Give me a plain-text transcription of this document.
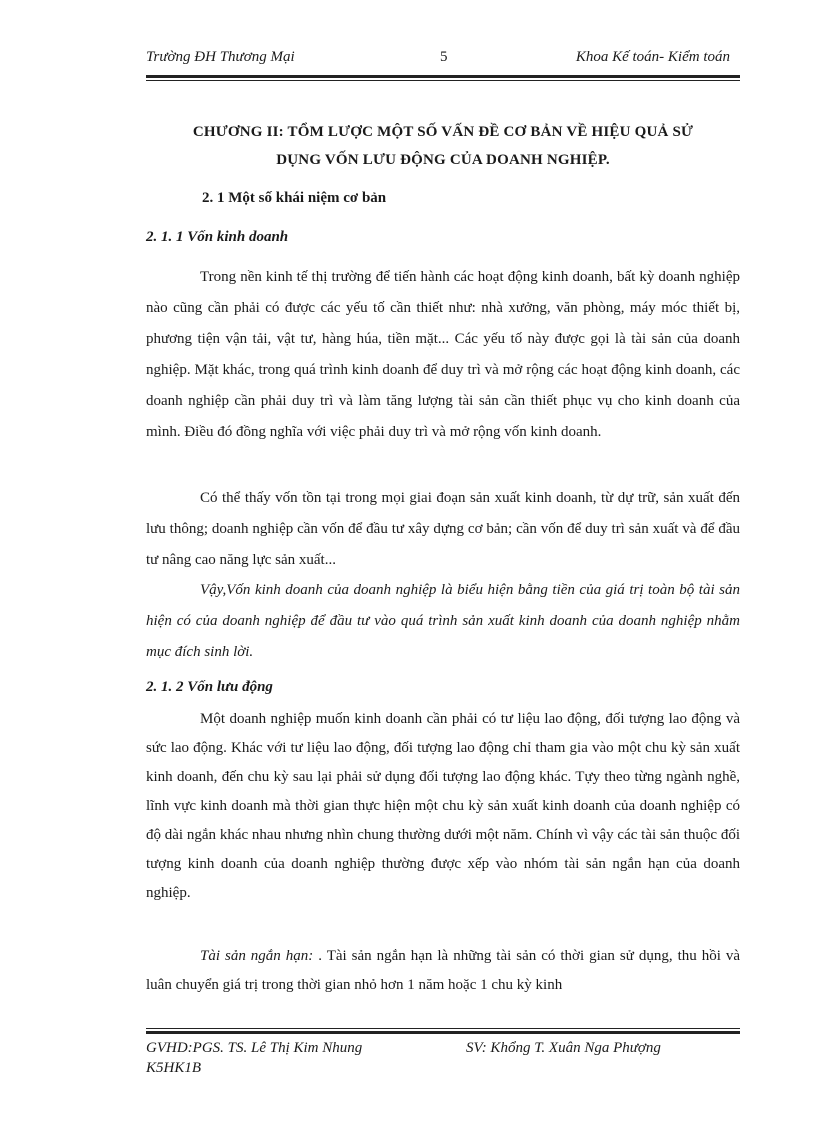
Trường ĐH Thương Mại	5	Khoa Kế toán- Kiểm toán
CHƯƠNG II: TỔM LƯỢC MỘT SỐ VẤN ĐỀ CƠ BẢN VỀ HIỆU QUẢ SỬ
DỤNG VỐN LƯU ĐỘNG CỦA DOANH NGHIỆP.
2. 1 Một số khái niệm cơ bản
2. 1. 1 Vốn kinh doanh
Trong nền kinh tế thị trường để tiến hành các hoạt động kinh doanh, bất kỳ doanh nghiệp nào cũng cần phải có được các yếu tố cần thiết như: nhà xưởng, văn phòng, máy móc thiết bị, phương tiện vận tải, vật tư, hàng húa, tiền mặt... Các yếu tố này được gọi là tài sản của doanh nghiệp. Mặt khác, trong quá trình kinh doanh để duy trì và mở rộng các hoạt động kinh doanh, các doanh nghiệp cần phải duy trì và làm tăng lượng tài sản cần thiết phục vụ cho kinh doanh của mình. Điều đó đồng nghĩa với việc phải duy trì và mở rộng vốn kinh doanh.
Có thể thấy vốn tồn tại trong mọi giai đoạn sản xuất kinh doanh, từ dự trữ, sản xuất đến lưu thông; doanh nghiệp cần vốn để đầu tư xây dựng cơ bản; cần vốn để duy trì sản xuất và để đầu tư nâng cao năng lực sản xuất...
Vậy,Vốn kinh doanh của doanh nghiệp là biểu hiện bằng tiền của giá trị toàn bộ tài sản hiện có của doanh nghiệp để đầu tư vào quá trình sản xuất kinh doanh của doanh nghiệp nhằm mục đích sinh lời.
2. 1. 2 Vốn lưu động
Một doanh nghiệp muốn kinh doanh cần phải có tư liệu lao động, đối tượng lao động và sức lao động. Khác với tư liệu lao động, đối tượng lao động chỉ tham gia vào một chu kỳ sản xuất kinh doanh, đến chu kỳ sau lại phải sử dụng đối tượng lao động khác. Tựy theo từng ngành nghề, lĩnh vực kinh doanh mà thời gian thực hiện một chu kỳ sản xuất kinh doanh của doanh nghiệp có độ dài ngắn khác nhau nhưng nhìn chung thường dưới một năm. Chính vì vậy các tài sản thuộc đối tượng kinh doanh của doanh nghiệp thường được xếp vào nhóm tài sản ngắn hạn của doanh nghiệp.
Tài sản ngắn hạn: . Tài sản ngắn hạn là những tài sản có thời gian sử dụng, thu hồi và luân chuyển giá trị trong thời gian nhỏ hơn 1 năm hoặc 1 chu kỳ kinh
GVHD:PGS. TS. Lê Thị Kim Nhung	SV: Khổng T. Xuân Nga Phượng
K5HK1B
